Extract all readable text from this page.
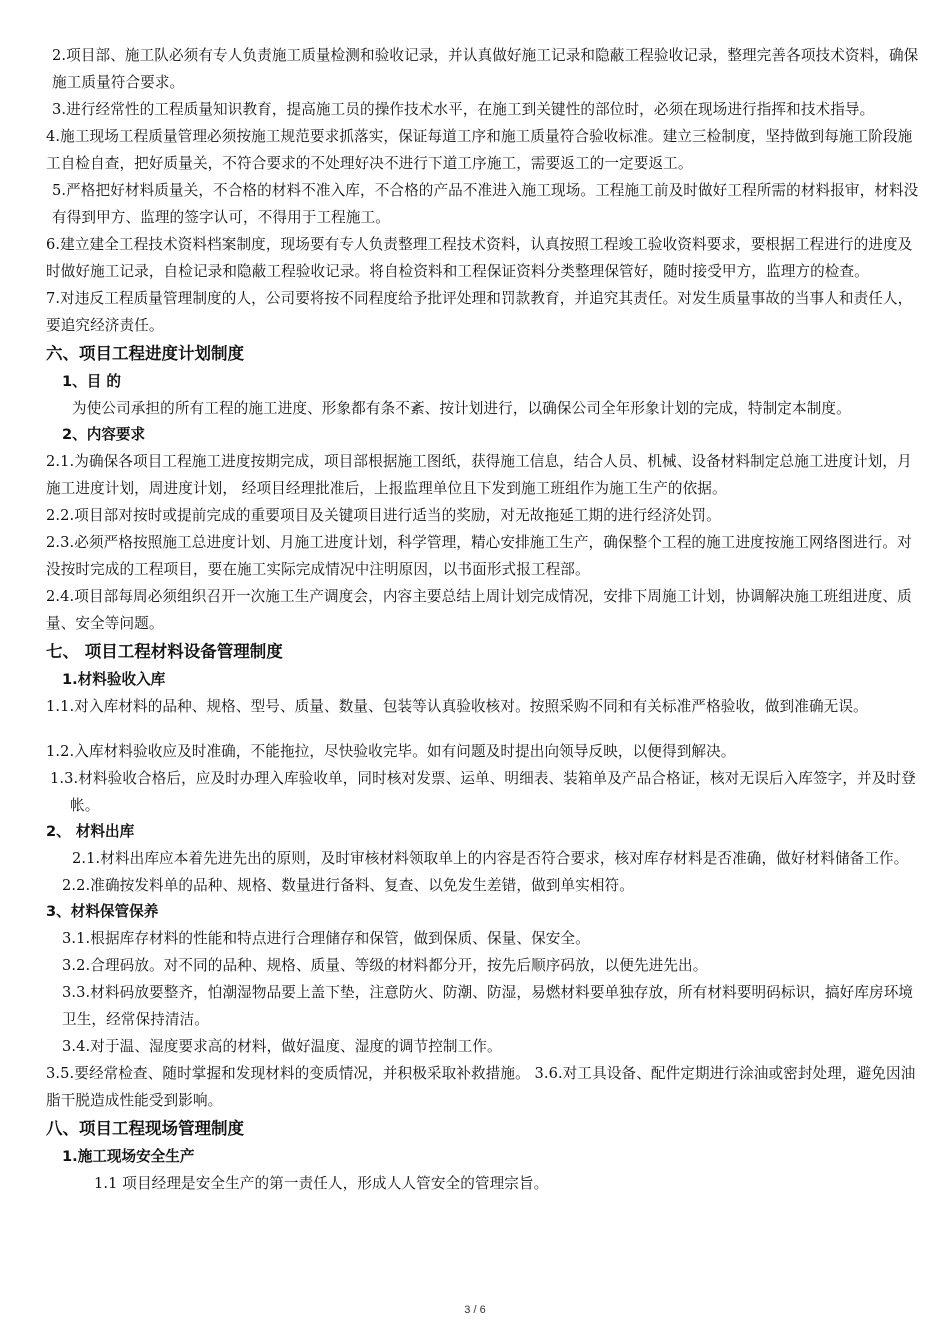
2.项目部、施工队必须有专人负责施工质量检测和验收记录，并认真做好施工记录和隐蔽工程验收记录，整理完善各项技术资料，确保施工质量符合要求。

3.进行经常性的工程质量知识教育，提高施工员的操作技术水平，在施工到关键性的部位时，必须在现场进行指挥和技术指导。

4.施工现场工程质量管理必须按施工规范要求抓落实，保证每道工序和施工质量符合验收标准。建立三检制度，坚持做到每施工阶段施工自检自查，把好质量关，不符合要求的不处理好决不进行下道工序施工，需要返工的一定要返工。

5.严格把好材料质量关，不合格的材料不准入库，不合格的产品不准进入施工现场。工程施工前及时做好工程所需的材料报审，材料没有得到甲方、监理的签字认可，不得用于工程施工。

6.建立建全工程技术资料档案制度，现场要有专人负责整理工程技术资料，认真按照工程竣工验收资料要求，要根据工程进行的进度及时做好施工记录，自检记录和隐蔽工程验收记录。将自检资料和工程保证资料分类整理保管好，随时接受甲方，监理方的检查。

7.对违反工程质量管理制度的人，公司要将按不同程度给予批评处理和罚款教育，并追究其责任。对发生质量事故的当事人和责任人，要追究经济责任。

六、项目工程进度计划制度
1、目 的

为使公司承担的所有工程的施工进度、形象都有条不紊、按计划进行，以确保公司全年形象计划的完成，特制定本制度。

2、内容要求

2.1.为确保各项目工程施工进度按期完成，项目部根据施工图纸，获得施工信息，结合人员、机械、设备材料制定总施工进度计划，月施工进度计划，周进度计划， 经项目经理批准后，上报监理单位且下发到施工班组作为施工生产的依据。

2.2.项目部对按时或提前完成的重要项目及关键项目进行适当的奖励，对无故拖延工期的进行经济处罚。

2.3.必须严格按照施工总进度计划、月施工进度计划，科学管理，精心安排施工生产，确保整个工程的施工进度按施工网络图进行。对没按时完成的工程项目，要在施工实际完成情况中注明原因，以书面形式报工程部。

2.4.项目部每周必须组织召开一次施工生产调度会，内容主要总结上周计划完成情况，安排下周施工计划，协调解决施工班组进度、质量、安全等问题。

七、 项目工程材料设备管理制度
1.材料验收入库

1.1.对入库材料的品种、规格、型号、质量、数量、包装等认真验收核对。按照采购不同和有关标准严格验收，做到准确无误。

1.2.入库材料验收应及时准确，不能拖拉，尽快验收完毕。如有问题及时提出向领导反映，以便得到解决。

1.3.材料验收合格后，应及时办理入库验收单，同时核对发票、运单、明细表、装箱单及产品合格证，核对无误后入库签字，并及时登帐。

2、 材料出库

2.1.材料出库应本着先进先出的原则，及时审核材料领取单上的内容是否符合要求，核对库存材料是否准确，做好材料储备工作。

2.2.准确按发料单的品种、规格、数量进行备料、复查、以免发生差错，做到单实相符。

3、材料保管保养

3.1.根据库存材料的性能和特点进行合理储存和保管，做到保质、保量、保安全。

3.2.合理码放。对不同的品种、规格、质量、等级的材料都分开，按先后顺序码放，以便先进先出。

3.3.材料码放要整齐，怕潮湿物品要上盖下垫，注意防火、防潮、防湿，易燃材料要单独存放，所有材料要明码标识，搞好库房环境卫生，经常保持清洁。

3.4.对于温、湿度要求高的材料，做好温度、湿度的调节控制工作。

3.5.要经常检查、随时掌握和发现材料的变质情况，并积极采取补救措施。 3.6.对工具设备、配件定期进行涂油或密封处理，避免因油脂干脱造成性能受到影响。

八、项目工程现场管理制度
1.施工现场安全生产

1.1 项目经理是安全生产的第一责任人，形成人人管安全的管理宗旨。

3 / 6
